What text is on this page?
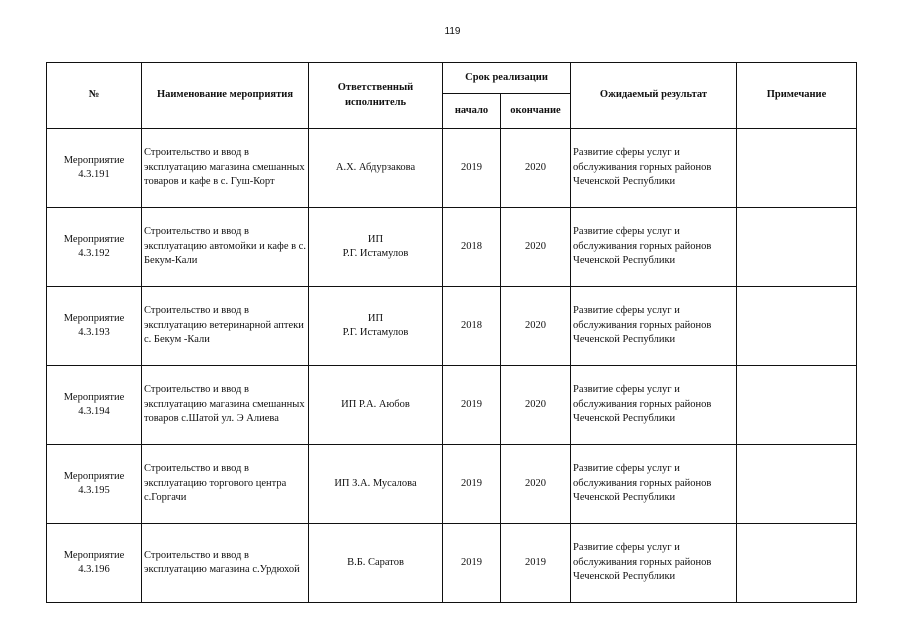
119
№	Наименование мероприятия	Ответственный исполнитель	Срок реализации		Ожидаемый результат	Примечание
			начало	окончание		

Мероприятие
4.3.191	Строительство и ввод в эксплуатацию магазина смешанных товаров и кафе в с. Гуш-Корт	А.Х. Абдурзакова	2019	2020	Развитие сферы услуг и обслуживания горных районов Чеченской Республики	

Мероприятие
4.3.192	Строительство и ввод в эксплуатацию автомойки и кафе в с. Бекум-Кали	ИП
Р.Г. Истамулов	2018	2020	Развитие сферы услуг и обслуживания горных районов Чеченской Республики	

Мероприятие
4.3.193	Строительство и ввод в эксплуатацию ветеринарной аптеки с. Бекум -Кали	ИП
Р.Г. Истамулов	2018	2020	Развитие сферы услуг и обслуживания горных районов Чеченской Республики	

Мероприятие
4.3.194	Строительство и ввод в эксплуатацию магазина смешанных товаров с.Шатой ул. Э Алиева	ИП Р.А. Аюбов	2019	2020	Развитие сферы услуг и обслуживания горных районов Чеченской Республики	

Мероприятие
4.3.195	Строительство и ввод в эксплуатацию торгового центра с.Горгачи	ИП З.А. Мусалова	2019	2020	Развитие сферы услуг и обслуживания горных районов Чеченской Республики	

Мероприятие
4.3.196	Строительство и ввод в эксплуатацию магазина с.Урдюхой	В.Б. Саратов	2019	2019	Развитие сферы услуг и обслуживания горных районов Чеченской Республики	
